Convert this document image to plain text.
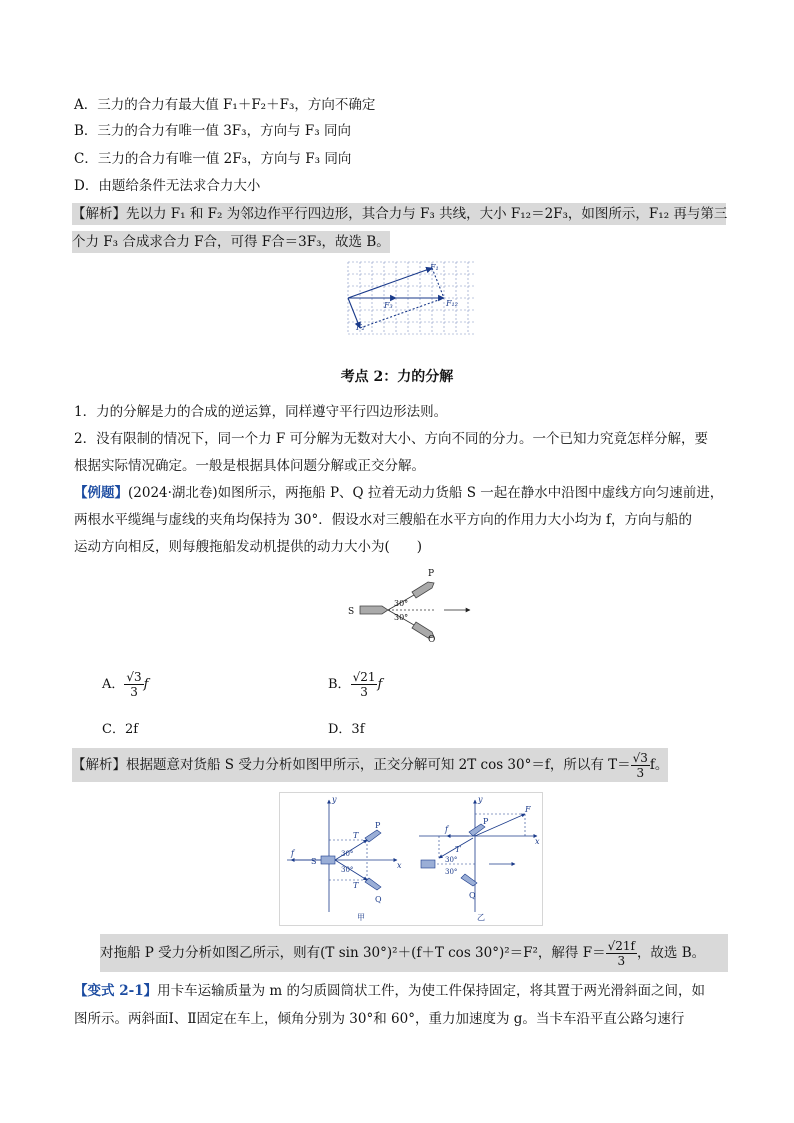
A．三力的合力有最大值 F₁＋F₂＋F₃，方向不确定
B．三力的合力有唯一值 3F₃，方向与 F₃ 同向
C．三力的合力有唯一值 2F₃，方向与 F₃ 同向
D．由题给条件无法求合力大小
【解析】先以力 F₁ 和 F₂ 为邻边作平行四边形，其合力与 F₃ 共线，大小 F₁₂＝2F₃，如图所示，F₁₂ 再与第三
个力 F₃ 合成求合力 F合，可得 F合＝3F₃，故选 B。
F₁
F₃	F₁₂
F₂
考点 2：力的分解
1．力的分解是力的合成的逆运算，同样遵守平行四边形法则。
2．没有限制的情况下，同一个力 F 可分解为无数对大小、方向不同的分力。一个已知力究竟怎样分解，要
根据实际情况确定。一般是根据具体问题分解或正交分解。
【例题】(2024·湖北卷)如图所示，两拖船 P、Q 拉着无动力货船 S 一起在静水中沿图中虚线方向匀速前进，
两根水平缆绳与虚线的夹角均保持为 30°．假设水对三艘船在水平方向的作用力大小均为 f，方向与船的
运动方向相反，则每艘拖船发动机提供的动力大小为(　　)
P
Q
S
30°
30°
A． $\frac{√3}{3}$ f	B． $\frac{√21}{3}$ f
C．2f	D．3f
【解析】根据题意对货船 S 受力分析如图甲所示，正交分解可知 2T cos 30°＝f，所以有 $T= \frac{√3}{3}$ f。
y
x
f
S
T
T
P
Q
30°
30°
甲
y
x
F
f
T
P
Q
30°
30°
乙
对拖船 P 受力分析如图乙所示，则有(T sin 30°)²＋(f＋T cos 30°)²＝F²，解得 $F= \frac{√21f}{3}$ ，故选 B。
【变式 2-1】用卡车运输质量为 m 的匀质圆筒状工件，为使工件保持固定，将其置于两光滑斜面之间，如
图所示。两斜面Ⅰ、Ⅱ固定在车上，倾角分别为 30°和 60°，重力加速度为 g。当卡车沿平直公路匀速行
